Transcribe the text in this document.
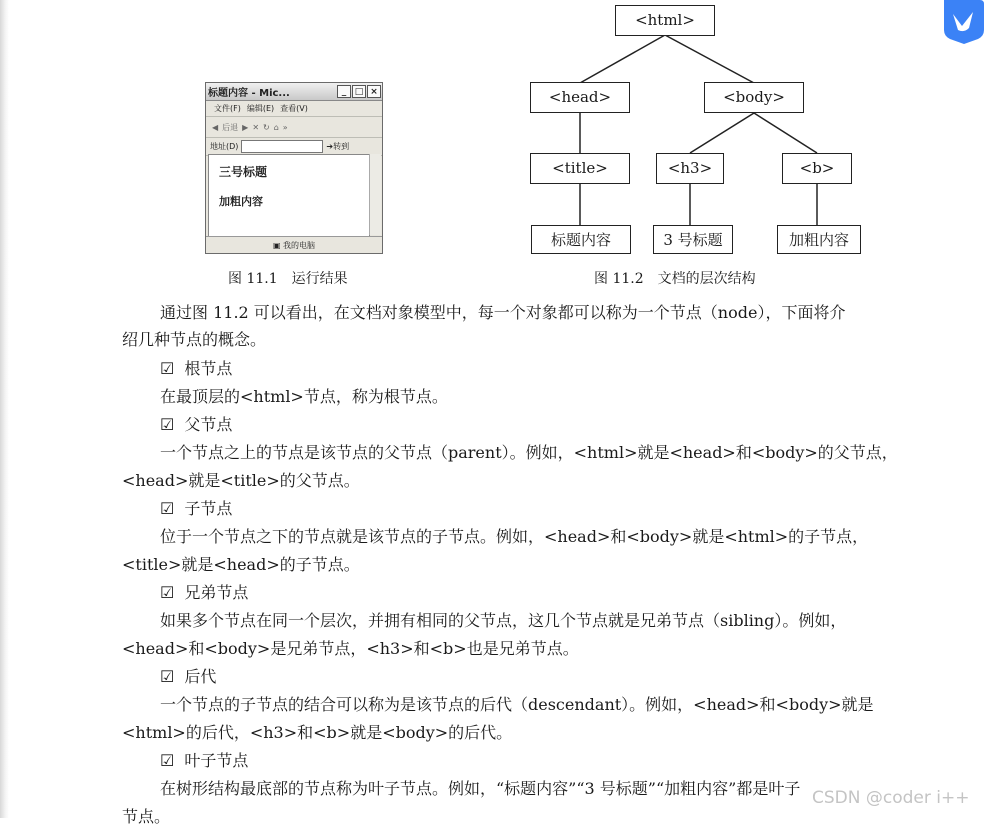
标题内容 - Mic...	_ □ ×
文件(F) 编辑(E) 查看(V)
◀ 后退 ▶ ✕ ↻ ⌂ »
地址(D)	➔ 转到
三号标题
加粗内容
▣
我的电脑
图 11.1　运行结果
<html>
<head>	<body>
<title>	<h3>	<b>
标题内容	3 号标题	加粗内容
图 11.2　文档的层次结构
通过图 11.2 可以看出，在文档对象模型中，每一个对象都可以称为一个节点（node），下面将介
绍几种节点的概念。
☑ 根节点
在最顶层的<html>节点，称为根节点。
☑ 父节点
一个节点之上的节点是该节点的父节点（parent）。例如，<html>就是<head>和<body>的父节点，
<head>就是<title>的父节点。
☑ 子节点
位于一个节点之下的节点就是该节点的子节点。例如，<head>和<body>就是<html>的子节点，
<title>就是<head>的子节点。
☑ 兄弟节点
如果多个节点在同一个层次，并拥有相同的父节点，这几个节点就是兄弟节点（sibling）。例如，
<head>和<body>是兄弟节点，<h3>和<b>也是兄弟节点。
☑ 后代
一个节点的子节点的结合可以称为是该节点的后代（descendant）。例如，<head>和<body>就是
<html>的后代，<h3>和<b>就是<body>的后代。
☑ 叶子节点
在树形结构最底部的节点称为叶子节点。例如，“标题内容”“3 号标题”“加粗内容”都是叶子
节点。
CSDN @coder i++
